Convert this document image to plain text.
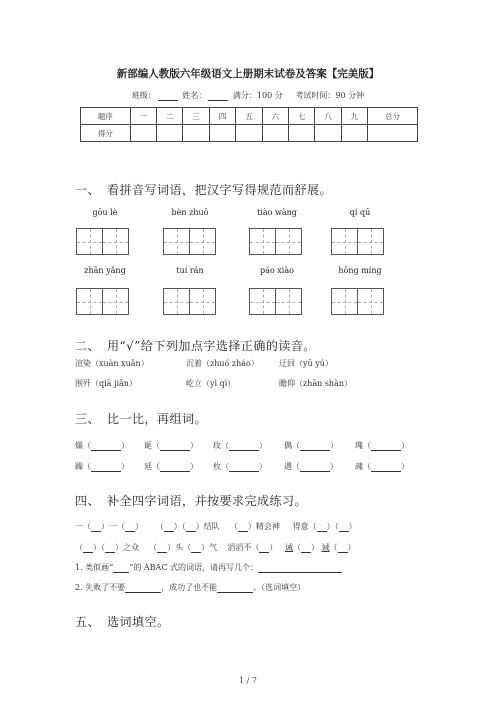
新部编人教版六年级语文上册期末试卷及答案【完美版】
班级：	姓名：	满分：100 分 考试时间：90 分钟
题序	一	二	三	四	五	六	七	八	九	总分
得分										
一、 看拼音写词语，把汉字写得规范而舒展。
gōu lè	bèn zhuō	tiào wàng	qí qū
zhān yǎng	tuí rán	páo xiào	hōng míng
二、 用“√”给下列加点字选择正确的读音。
渲染（xuàn xuǎn）	沉着（zhuó zháo）	迂回（yū yú）
围歼（qiā jiān）	屹立（yì qì）	瞻仰（zhān shàn）
三、 比一比，再组词。
燥（	） 诞（	） 玫（	） 偶（	） 瑰（	）
躁（	） 延（	） 枚（	） 遇（	） 魂（	）
四、 补全四字词语，并按要求完成练习。
一（ ）一（ ） （ ）（ ）结队 （ ）精会神 得意（ ）（ ）
（ ）（ ）之众 （ ）头（ ）气 滔滔不（ ） 诫（ ） 诫（ ）
1. 类似画“ ”的 ABAC 式的词语，请再写几个：
2. 失败了不要	，成功了也不能	。（选词填空）
五、 选词填空。
1 / 7
